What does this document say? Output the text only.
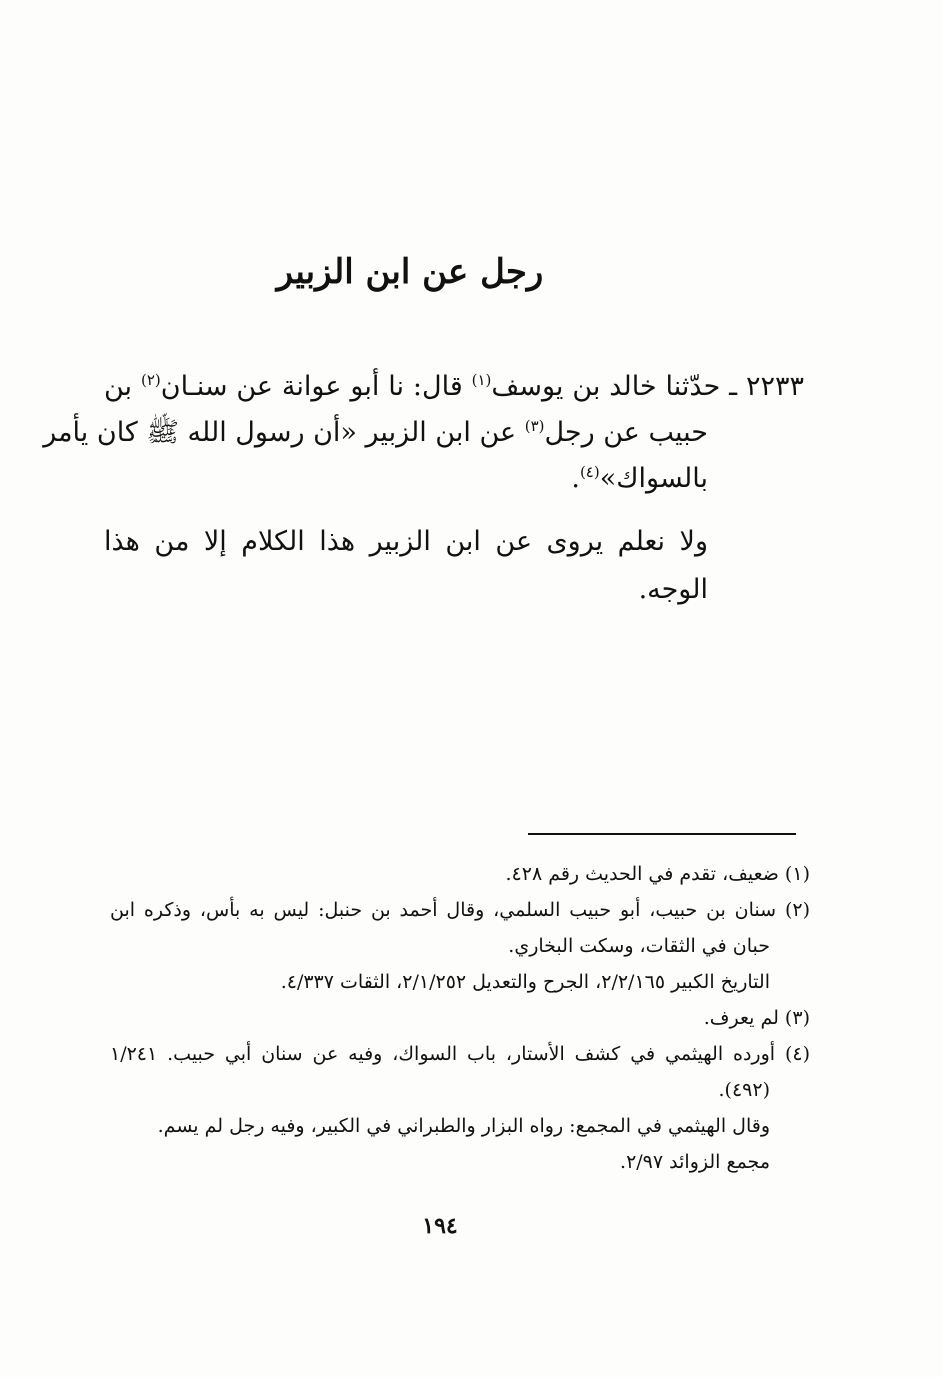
رجل عن ابن الزبير
٢٢٣٣ ـ حدّثنا خالد بن يوسف$^{(١)}$ قال: نا أبو عوانة عن سنـان$^{(٢)}$ بن
حبيب عن رجل$^{(٣)}$ عن ابن الزبير «أن رسول الله ﷺ كان يأمر
بالسواك»$^{(٤)}$.
ولا نعلم يروى عن ابن الزبير هذا الكلام إلا من هذا
الوجه.
(١) ضعيف، تقدم في الحديث رقم ٤٢٨.
(٢) سنان بن حبيب، أبو حبيب السلمي، وقال أحمد بن حنبل: ليس به بأس، وذكره ابن
حبان في الثقات، وسكت البخاري.
التاريخ الكبير ٢/٢/١٦٥، الجرح والتعديل ٢/١/٢٥٢، الثقات ٤/٣٣٧.
(٣) لم يعرف.
(٤) أورده الهيثمي في كشف الأستار، باب السواك، وفيه عن سنان أبي حبيب. ١/٢٤١
(٤٩٢).
وقال الهيثمي في المجمع: رواه البزار والطبراني في الكبير، وفيه رجل لم يسم.
مجمع الزوائد ٢/٩٧.
١٩٤
